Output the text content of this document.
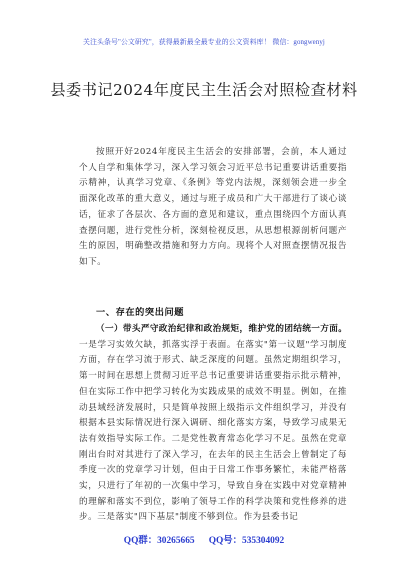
关注头条号"公文研究"，获得最新最全最专业的公文资料库！ 微信：gongwenyj
县委书记2024年度民主生活会对照检查材料

按照开好2024年度民主生活会的安排部署，会前，本人通过个人自学和集体学习，深入学习领会习近平总书记重要讲话重要指示精神，认真学习党章、《条例》等党内法规，深刻领会进一步全面深化改革的重大意义，通过与班子成员和广大干部进行了谈心谈话，征求了各层次、各方面的意见和建议，重点围绕四个方面认真查摆问题，进行党性分析，深刻检视反思，从思想根源剖析问题产生的原因，明确整改措施和努力方向。现将个人对照查摆情况报告如下。

一、存在的突出问题

（一）带头严守政治纪律和政治规矩，维护党的团结统一方面。一是学习实效欠缺，抓落实浮于表面。在落实"第一议题"学习制度方面，存在学习流于形式、缺乏深度的问题。虽然定期组织学习，第一时间在思想上贯彻习近平总书记重要讲话重要指示批示精神，但在实际工作中把学习转化为实践成果的成效不明显。例如，在推动县域经济发展时，只是简单按照上级指示文件组织学习，并没有根据本县实际情况进行深入调研、细化落实方案，导致学习成果无法有效指导实际工作。二是党性教育常态化学习不足。虽然在党章刚出台时对其进行了深入学习，在去年的民主生活会上曾制定了每季度一次的党章学习计划，但由于日常工作事务繁忙，未能严格落实，只进行了年初的一次集中学习，导致自身在实践中对党章精神的理解和落实不到位，影响了领导工作的科学决策和党性修养的进步。三是落实"四下基层"制度不够到位。作为县委书记

QQ群：30265665 QQ号：535304092
